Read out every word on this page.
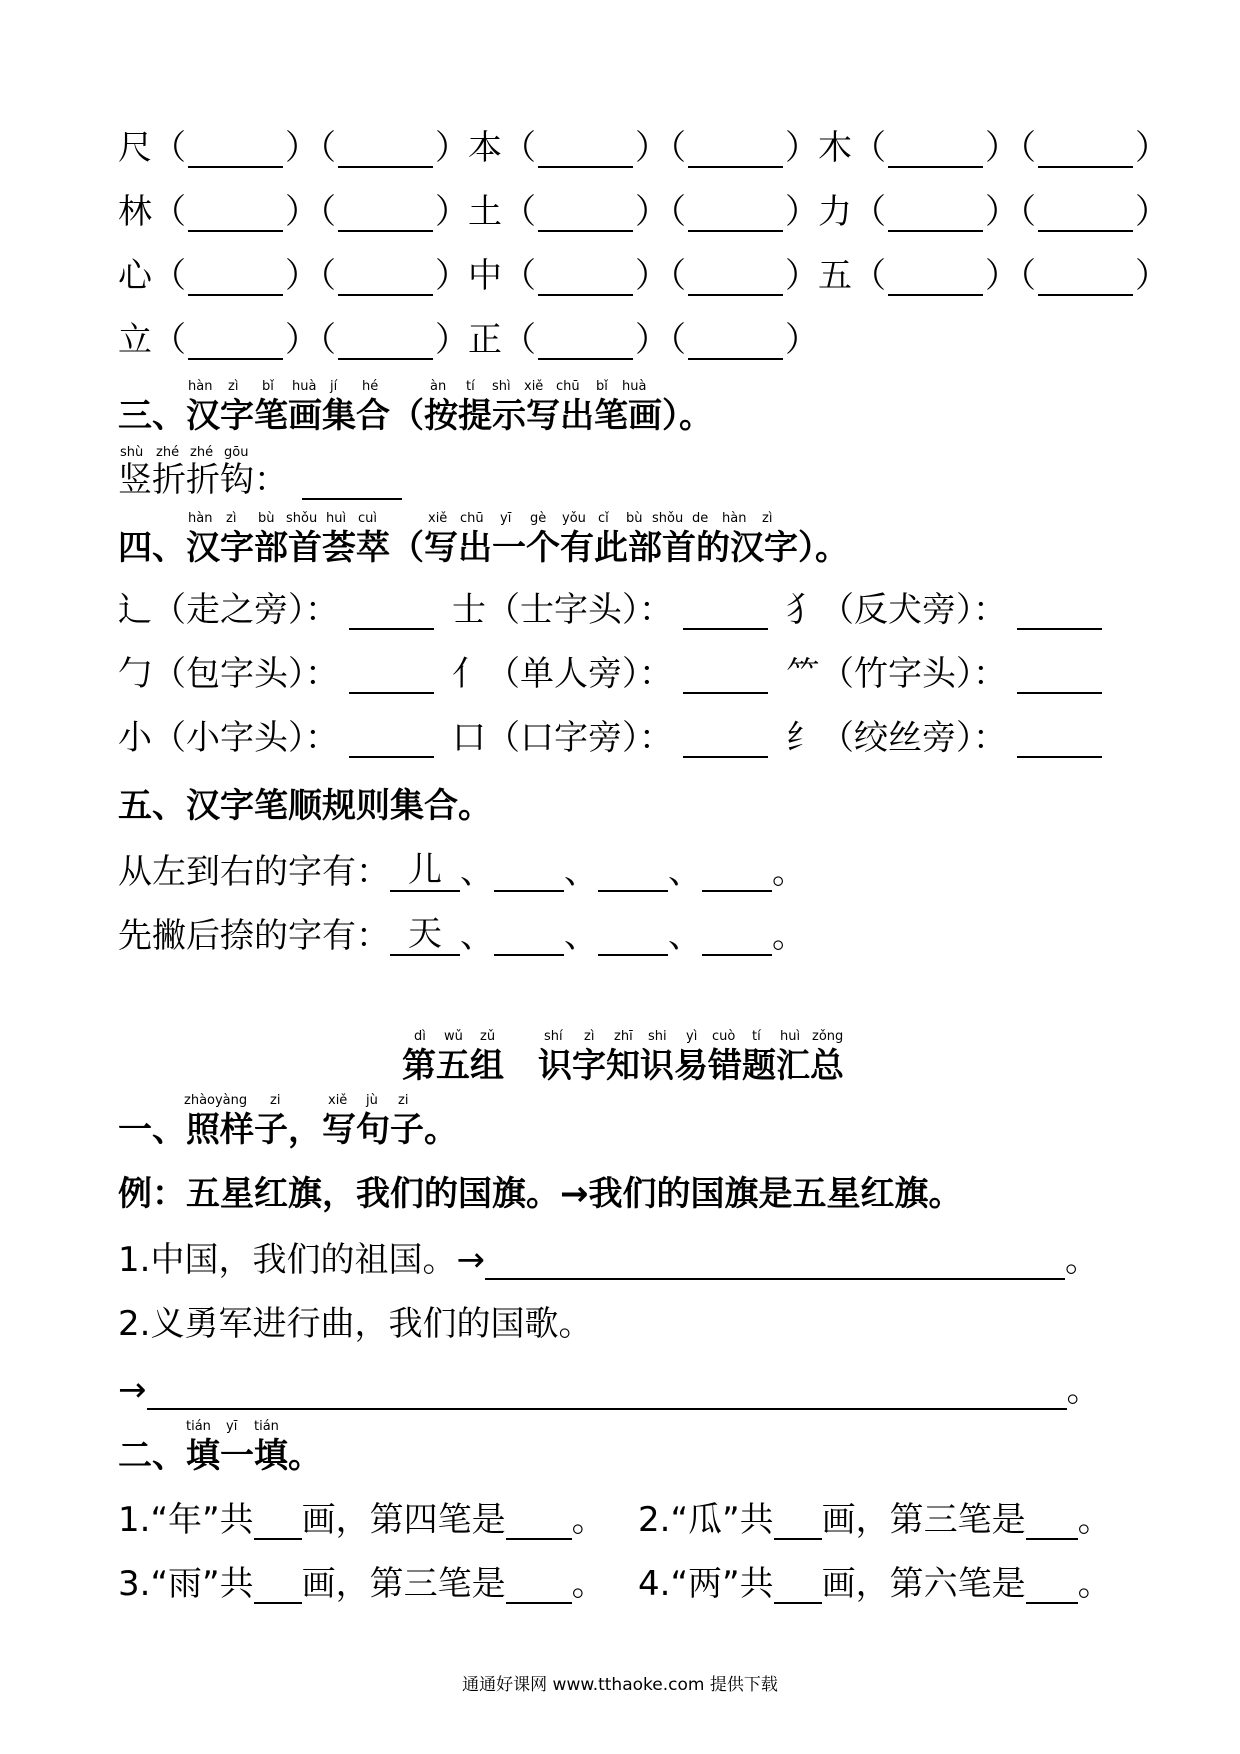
尺（	）（	） 本（	）（	） 木（	）（	）
林（	）（	） 土（	）（	） 力（	）（	）
心（	）（	） 中（	）（	） 五（	）（	）
立（	）（	） 正（	）（	）
hàn zì bǐ huà jí hé	àn tí shì xiě chū bǐ huà
三、汉字笔画集合（按提示写出笔画）。
shù zhé zhé gōu
竖折折钩：
hàn zì bù shǒu huì cuì	xiě chū yī gè yǒu cǐ bù shǒu de hàn zì
四、汉字部首荟萃（写出一个有此部首的汉字）。
辶（走之旁）：	士（士字头）：	犭（反犬旁）：
勹（包字头）：	亻（单人旁）：	⺮（竹字头）：
小（小字头）：	口（口字旁）：	纟（绞丝旁）：
五、汉字笔顺规则集合。
从左到右的字有： 儿 、 、 、 。
先撇后捺的字有： 天 、 、 、 。
dì wǔ zǔ	shí zì zhī shi yì cuò tí huì zǒng
第五组　识字知识易错题汇总
zhàoyàng zi	xiě jù zi
一、照样子，写句子。
例：五星红旗，我们的国旗。→我们的国旗是五星红旗。
1.中国，我们的祖国。→	。
2.义勇军进行曲，我们的国歌。
→	。
tián yī tián
二、填一填。
1.“年”共 画，第四笔是 。 2.“瓜”共 画，第三笔是 。
3.“雨”共 画，第三笔是 。 4.“两”共 画，第六笔是 。
通通好课网 www.tthaoke.com 提供下载
